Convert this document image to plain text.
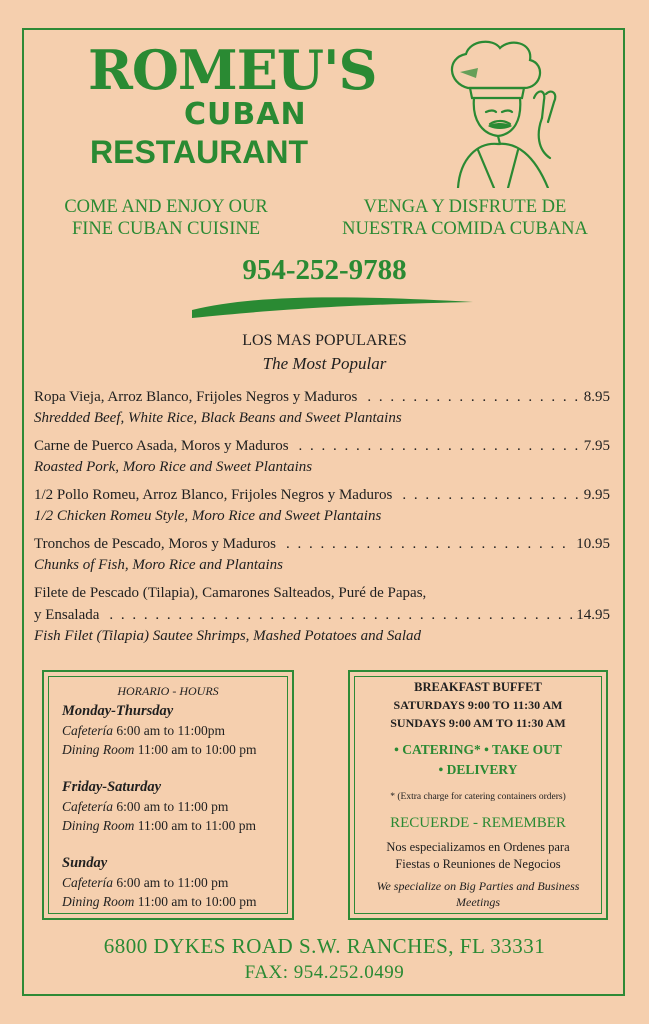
ROMEU'S
CUBAN
RESTAURANT
COME AND ENJOY OUR
FINE CUBAN CUISINE
VENGA Y DISFRUTE DE
NUESTRA COMIDA CUBANA
954-252-9788
LOS MAS POPULARES
The Most Popular
Ropa Vieja, Arroz Blanco, Frijoles Negros y Maduros . . .	8.95
Shredded Beef, White Rice, Black Beans and Sweet Plantains
Carne de Puerco Asada, Moros y Maduros . . .	7.95
Roasted Pork, Moro Rice and Sweet Plantains
1/2 Pollo Romeu, Arroz Blanco, Frijoles Negros y Maduros . . .	9.95
1/2 Chicken Romeu Style, Moro Rice and Sweet Plantains
Tronchos de Pescado, Moros y Maduros . . .	10.95
Chunks of Fish, Moro Rice and Plantains
Filete de Pescado (Tilapia), Camarones Salteados, Puré de Papas,
y Ensalada . . .	14.95
Fish Filet (Tilapia) Sautee Shrimps, Mashed Potatoes and Salad
HORARIO - HOURS
Monday-Thursday
Cafetería 6:00 am to 11:00pm
Dining Room 11:00 am to 10:00 pm
Friday-Saturday
Cafetería 6:00 am to 11:00 pm
Dining Room 11:00 am to 11:00 pm
Sunday
Cafetería 6:00 am to 11:00 pm
Dining Room 11:00 am to 10:00 pm
BREAKFAST BUFFET
SATURDAYS 9:00 TO 11:30 AM
SUNDAYS 9:00 AM TO 11:30 AM
• CATERING* • TAKE OUT
• DELIVERY
* (Extra charge for catering containers orders)
RECUERDE - REMEMBER
Nos especializamos en Ordenes para
Fiestas o Reuniones de Negocios
We specialize on Big Parties and Business
Meetings
6800 DYKES ROAD S.W. RANCHES, FL 33331
FAX: 954.252.0499
